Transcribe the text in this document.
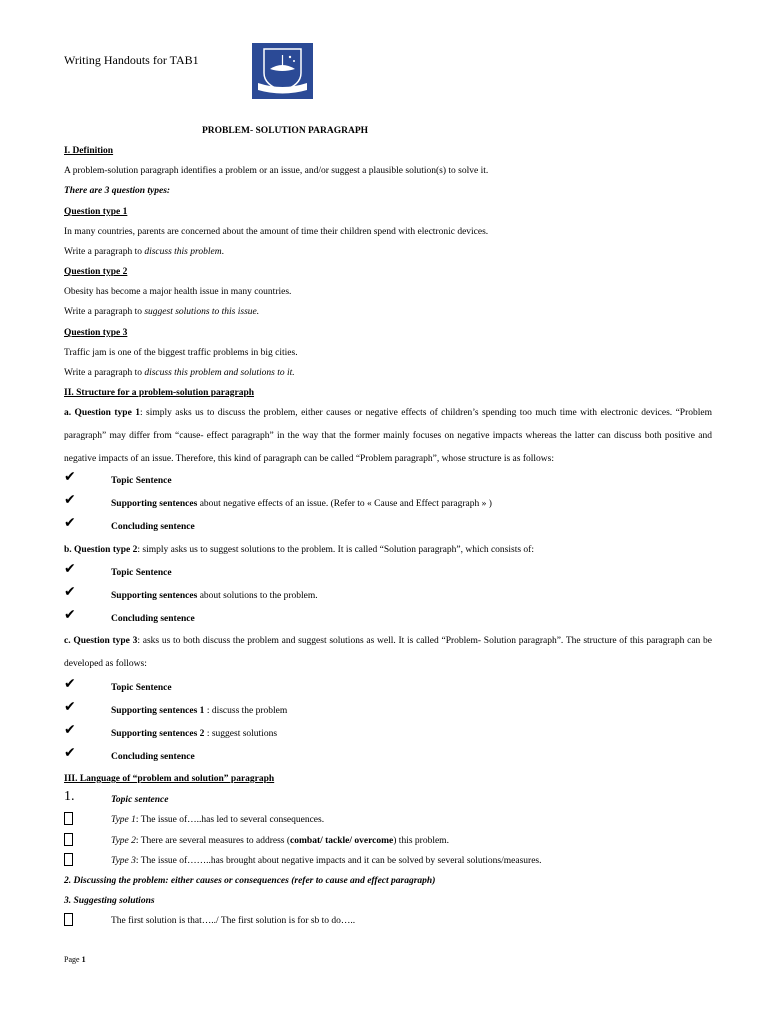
Writing Handouts for TAB1
PROBLEM- SOLUTION PARAGRAPH
I. Definition
A problem-solution paragraph identifies a problem or an issue, and/or suggest a plausible solution(s) to solve it.
There are 3 question types:
Question type 1
In many countries, parents are concerned about the amount of time their children spend with electronic devices.
Write a paragraph to discuss this problem.
Question type 2
Obesity has become a major health issue in many countries.
Write a paragraph to suggest solutions to this issue.
Question type 3
Traffic jam is one of the biggest traffic problems in big cities.
Write a paragraph to discuss this problem and solutions to it.
II. Structure for a problem-solution paragraph
a. Question type 1: simply asks us to discuss the problem, either causes or negative effects of children’s spending too much time with electronic devices. “Problem paragraph” may differ from “cause- effect paragraph” in the way that the former mainly focuses on negative impacts whereas the latter can discuss both positive and negative impacts of an issue. Therefore, this kind of paragraph can be called “Problem paragraph”, whose structure is as follows:
✔	Topic Sentence
✔	Supporting sentences about negative effects of an issue. (Refer to « Cause and Effect paragraph » )
✔	Concluding sentence
b. Question type 2: simply asks us to suggest solutions to the problem. It is called “Solution paragraph”, which consists of:
✔	Topic Sentence
✔	Supporting sentences about solutions to the problem.
✔	Concluding sentence
c. Question type 3: asks us to both discuss the problem and suggest solutions as well. It is called “Problem- Solution paragraph”. The structure of this paragraph can be developed as follows:
✔	Topic Sentence
✔	Supporting sentences 1 : discuss the problem
✔	Supporting sentences 2 : suggest solutions
✔	Concluding sentence
III. Language of “problem and solution” paragraph
1.	Topic sentence
Type 1: The issue of…..has led to several consequences.
Type 2: There are several measures to address (combat/ tackle/ overcome) this problem.
Type 3: The issue of……..has brought about negative impacts and it can be solved by several solutions/measures.
2. Discussing the problem: either causes or consequences (refer to cause and effect paragraph)
3. Suggesting solutions
The first solution is that…../ The first solution is for sb to do…..
Page 1
